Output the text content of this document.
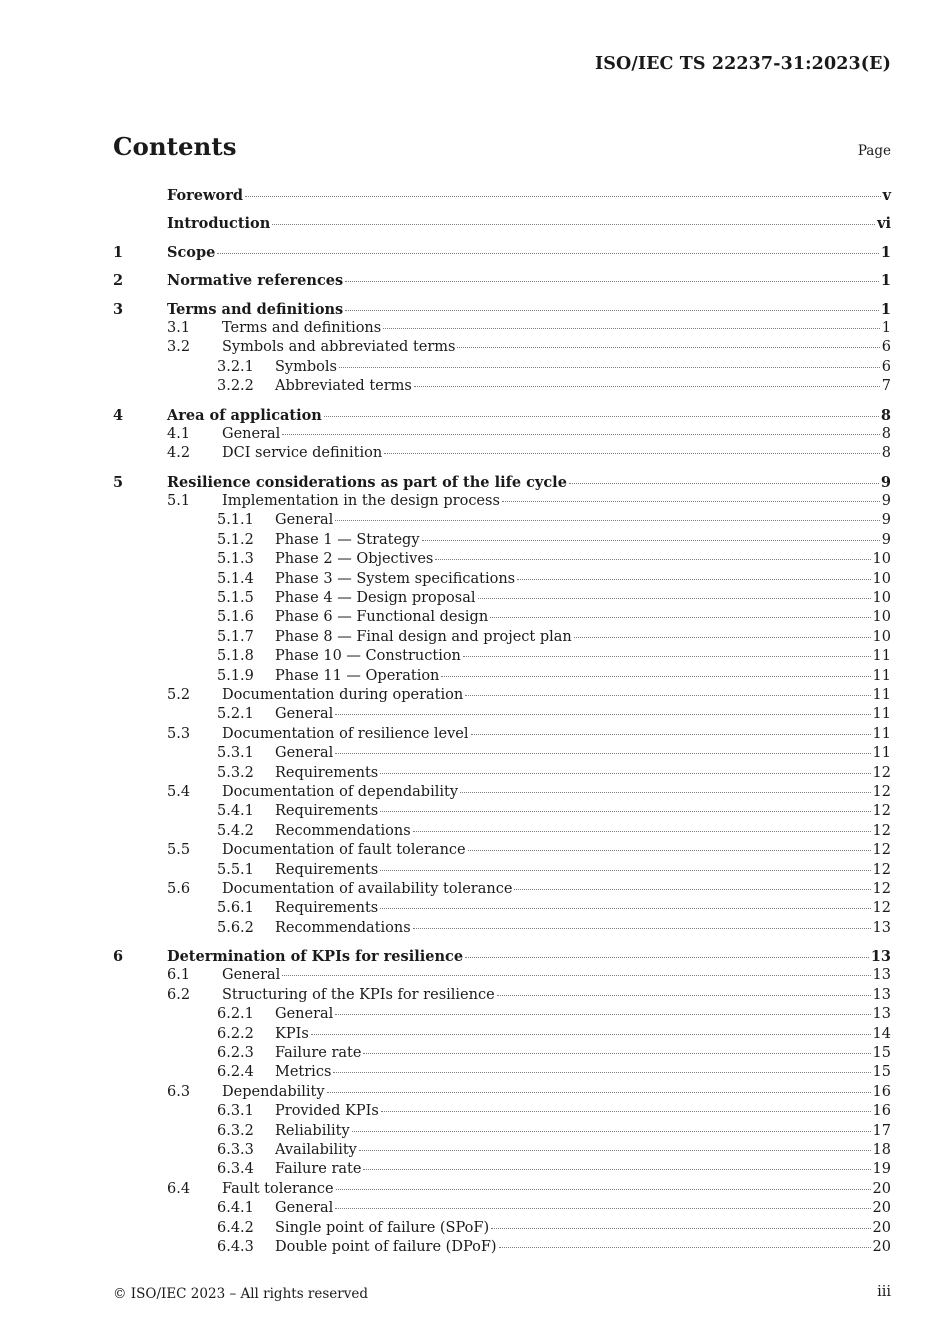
ISO/IEC TS 22237-31:2023(E)
Contents	Page
Foreword	v
Introduction	vi
1	Scope	1
2	Normative references	1
3	Terms and definitions	1
3.1	Terms and definitions	1
3.2	Symbols and abbreviated terms	6
3.2.1	Symbols	6
3.2.2	Abbreviated terms	7
4	Area of application	8
4.1	General	8
4.2	DCI service definition	8
5	Resilience considerations as part of the life cycle	9
5.1	Implementation in the design process	9
5.1.1	General	9
5.1.2	Phase 1 — Strategy	9
5.1.3	Phase 2 — Objectives	10
5.1.4	Phase 3 — System specifications	10
5.1.5	Phase 4 — Design proposal	10
5.1.6	Phase 6 — Functional design	10
5.1.7	Phase 8 — Final design and project plan	10
5.1.8	Phase 10 — Construction	11
5.1.9	Phase 11 — Operation	11
5.2	Documentation during operation	11
5.2.1	General	11
5.3	Documentation of resilience level	11
5.3.1	General	11
5.3.2	Requirements	12
5.4	Documentation of dependability	12
5.4.1	Requirements	12
5.4.2	Recommendations	12
5.5	Documentation of fault tolerance	12
5.5.1	Requirements	12
5.6	Documentation of availability tolerance	12
5.6.1	Requirements	12
5.6.2	Recommendations	13
6	Determination of KPIs for resilience	13
6.1	General	13
6.2	Structuring of the KPIs for resilience	13
6.2.1	General	13
6.2.2	KPIs	14
6.2.3	Failure rate	15
6.2.4	Metrics	15
6.3	Dependability	16
6.3.1	Provided KPIs	16
6.3.2	Reliability	17
6.3.3	Availability	18
6.3.4	Failure rate	19
6.4	Fault tolerance	20
6.4.1	General	20
6.4.2	Single point of failure (SPoF)	20
6.4.3	Double point of failure (DPoF)	20
© ISO/IEC 2023 – All rights reserved	iii
